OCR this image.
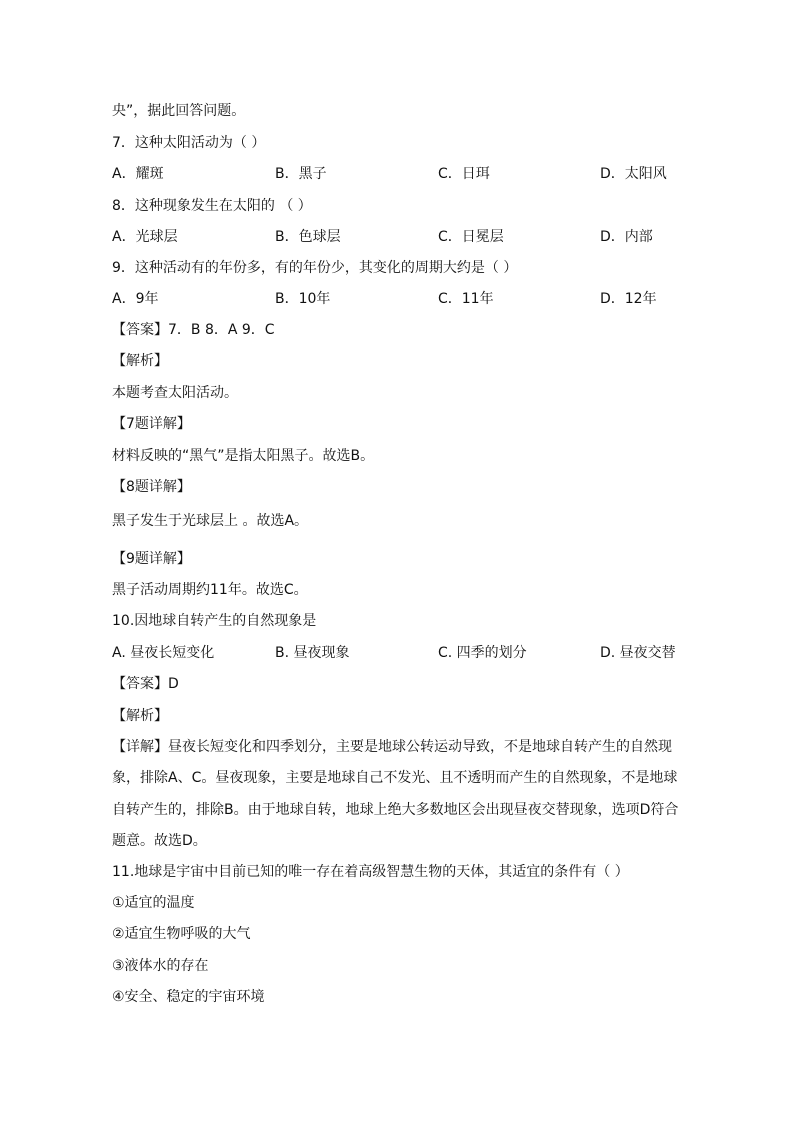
央”，据此回答问题。
7．这种太阳活动为（ ）
A．耀斑	B．黑子	C．日珥	D．太阳风
8．这种现象发生在太阳的 （ ）
A．光球层	B．色球层	C．日冕层	D．内部
9．这种活动有的年份多，有的年份少，其变化的周期大约是（ ）
A．9年	B．10年	C．11年	D．12年
【答案】7．B 8．A 9．C
【解析】
本题考查太阳活动。
【7题详解】
材料反映的“黑气”是指太阳黑子。故选B。
【8题详解】
黑子发生于光球层上 。故选A。
【9题详解】
黑子活动周期约11年。故选C。
10.因地球自转产生的自然现象是
A. 昼夜长短变化	B. 昼夜现象	C. 四季的划分	D. 昼夜交替
【答案】D
【解析】
【详解】昼夜长短变化和四季划分，主要是地球公转运动导致，不是地球自转产生的自然现
象，排除A、C。昼夜现象，主要是地球自己不发光、且不透明而产生的自然现象，不是地球
自转产生的，排除B。由于地球自转，地球上绝大多数地区会出现昼夜交替现象，选项D符合
题意。故选D。
11.地球是宇宙中目前已知的唯一存在着高级智慧生物的天体，其适宜的条件有（ ）
①适宜的温度
②适宜生物呼吸的大气
③液体水的存在
④安全、稳定的宇宙环境
